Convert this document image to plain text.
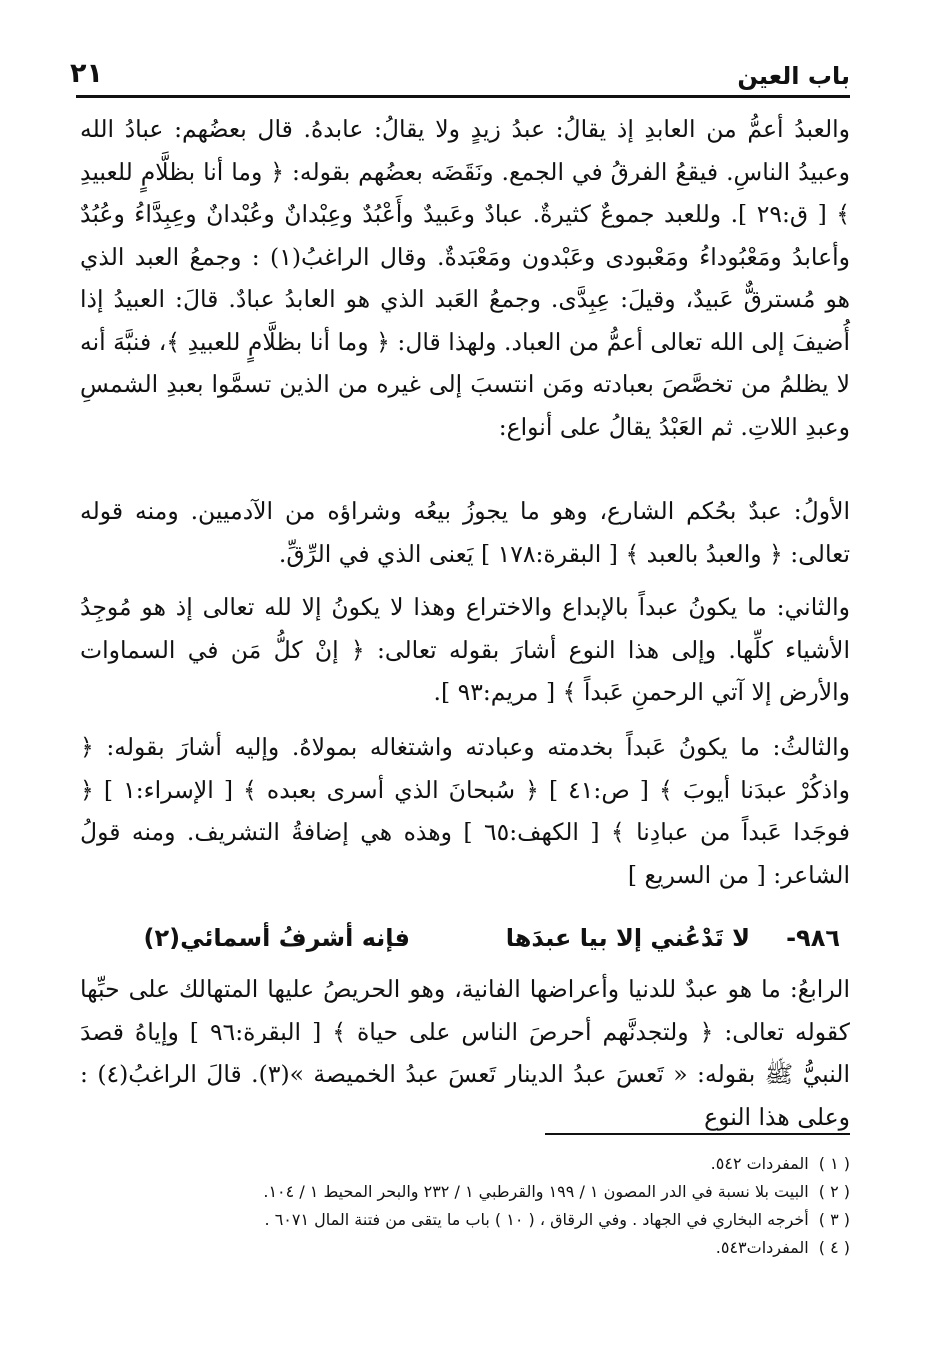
باب العين
٢١

والعبدُ أعمُّ من العابدِ إذ يقالُ: عبدُ زيدٍ ولا يقالُ: عابدهُ. قال بعضُهم: عبادُ الله وعبيدُ الناسِ. فيقعُ الفرقُ في الجمع. ونَقَضَه بعضُهم بقوله: ﴿ وما أنا بظلَّامٍ للعبيدِ ﴾ [ ق:٢٩ ]. وللعبد جموعٌ كثيرةٌ. عبادٌ وعَبيدٌ وأَعْبُدٌ وعِبْدانٌ وعُبْدانٌ وعِبِدَّاءُ وعُبُدٌ وأعابدُ ومَعْبُوداءُ ومَعْبودى وعَبْدون ومَعْبَدةٌ. وقال الراغبُ(١) : وجمعُ العبد الذي هو مُسترقٌّ عَبيدٌ، وقيلَ: عِبِدَّى. وجمعُ العَبد الذي هو العابدُ عبادٌ. قالَ: العبيدُ إذا أُضيفَ إلى الله تعالى أعمُّ من العباد. ولهذا قال: ﴿ وما أنا بظلَّامٍ للعبيدِ ﴾، فنبَّهَ أنه لا يظلمُ من تخصَّصَ بعبادته ومَن انتسبَ إلى غيره من الذين تسمَّوا بعبدِ الشمسِ وعبدِ اللاتِ. ثم العَبْدُ يقالُ على أنواع:

الأولُ: عبدٌ بحُكم الشارع، وهو ما يجوزُ بيعُه وشراؤه من الآدميين. ومنه قوله تعالى: ﴿ والعبدُ بالعبد ﴾ [ البقرة:١٧٨ ] يَعنى الذي في الرِّقِّ.

والثاني: ما يكونُ عبداً بالإبداع والاختراع وهذا لا يكونُ إلا لله تعالى إذ هو مُوجِدُ الأشياء كلِّها. وإلى هذا النوع أشارَ بقوله تعالى: ﴿ إنْ كلُّ مَن في السماوات والأرض إلا آتي الرحمنِ عَبداً ﴾ [ مريم:٩٣ ].

والثالثُ: ما يكونُ عَبداً بخدمته وعبادته واشتغاله بمولاهُ. وإليه أشارَ بقوله: ﴿ واذكُرْ عبدَنا أيوبَ ﴾ [ ص:٤١ ] ﴿ سُبحانَ الذي أسرى بعبده ﴾ [ الإسراء:١ ] ﴿ فوجَدا عَبداً من عبادِنا ﴾ [ الكهف:٦٥ ] وهذه هي إضافةُ التشريف. ومنه قولُ الشاعر: [ من السريع ]

٩٨٦-
لا تَدْعُني إلا بيا عبدَها
فإنه أشرفُ أسمائي(٢)

الرابعُ: ما هو عبدٌ للدنيا وأعراضها الفانية، وهو الحريصُ عليها المتهالك على حبِّها كقوله تعالى: ﴿ ولتجدنَّهم أحرصَ الناس على حياة ﴾ [ البقرة:٩٦ ] وإياهُ قصدَ النبيُّ ﷺ بقوله: « تَعسَ عبدُ الدينار تَعسَ عبدُ الخميصة »(٣). قالَ الراغبُ(٤) : وعلى هذا النوع

( ١ )المفردات ٥٤٢.
( ٢ )البيت بلا نسبة في الدر المصون ١ / ١٩٩ والقرطبي ١ / ٢٣٢ والبحر المحيط ١ / ١٠٤.
( ٣ )أخرجه البخاري في الجهاد . وفي الرقاق ، ( ١٠ ) باب ما يتقى من فتنة المال ٦٠٧١ .
( ٤ )المفردات٥٤٣.
